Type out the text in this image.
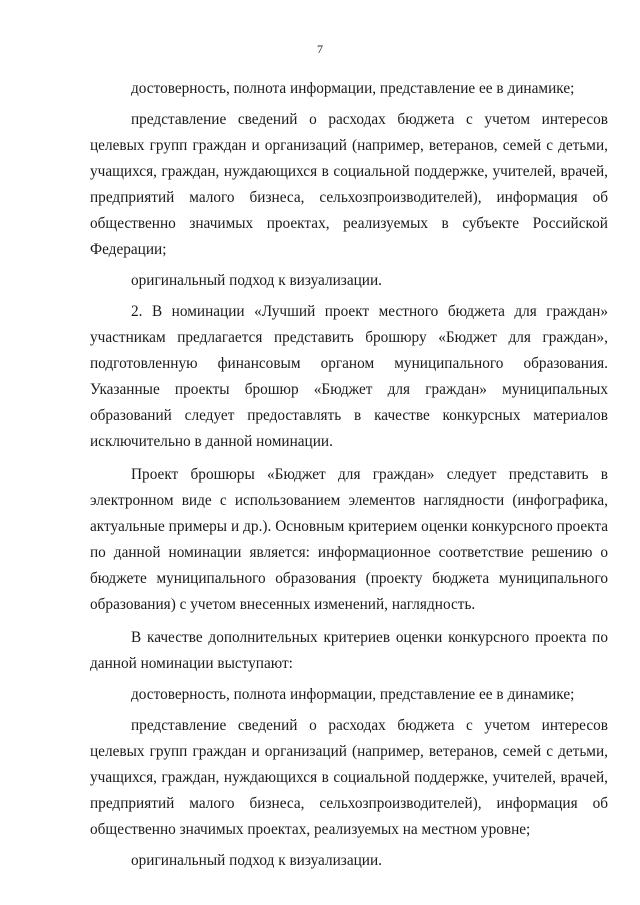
7

достоверность, полнота информации, представление ее в динамике;

представление сведений о расходах бюджета с учетом интересов целевых групп граждан и организаций (например, ветеранов, семей с детьми, учащихся, граждан, нуждающихся в социальной поддержке, учителей, врачей, предприятий малого бизнеса, сельхозпроизводителей), информация об общественно значимых проектах, реализуемых в субъекте Российской Федерации;

оригинальный подход к визуализации.

2. В номинации «Лучший проект местного бюджета для граждан» участникам предлагается представить брошюру «Бюджет для граждан», подготовленную финансовым органом муниципального образования. Указанные проекты брошюр «Бюджет для граждан» муниципальных образований следует предоставлять в качестве конкурсных материалов исключительно в данной номинации.

Проект брошюры «Бюджет для граждан» следует представить в электронном виде с использованием элементов наглядности (инфографика, актуальные примеры и др.). Основным критерием оценки конкурсного проекта по данной номинации является: информационное соответствие решению о бюджете муниципального образования (проекту бюджета муниципального образования) с учетом внесенных изменений, наглядность.

В качестве дополнительных критериев оценки конкурсного проекта по данной номинации выступают:

достоверность, полнота информации, представление ее в динамике;

представление сведений о расходах бюджета с учетом интересов целевых групп граждан и организаций (например, ветеранов, семей с детьми, учащихся, граждан, нуждающихся в социальной поддержке, учителей, врачей, предприятий малого бизнеса, сельхозпроизводителей), информация об общественно значимых проектах, реализуемых на местном уровне;

оригинальный подход к визуализации.
